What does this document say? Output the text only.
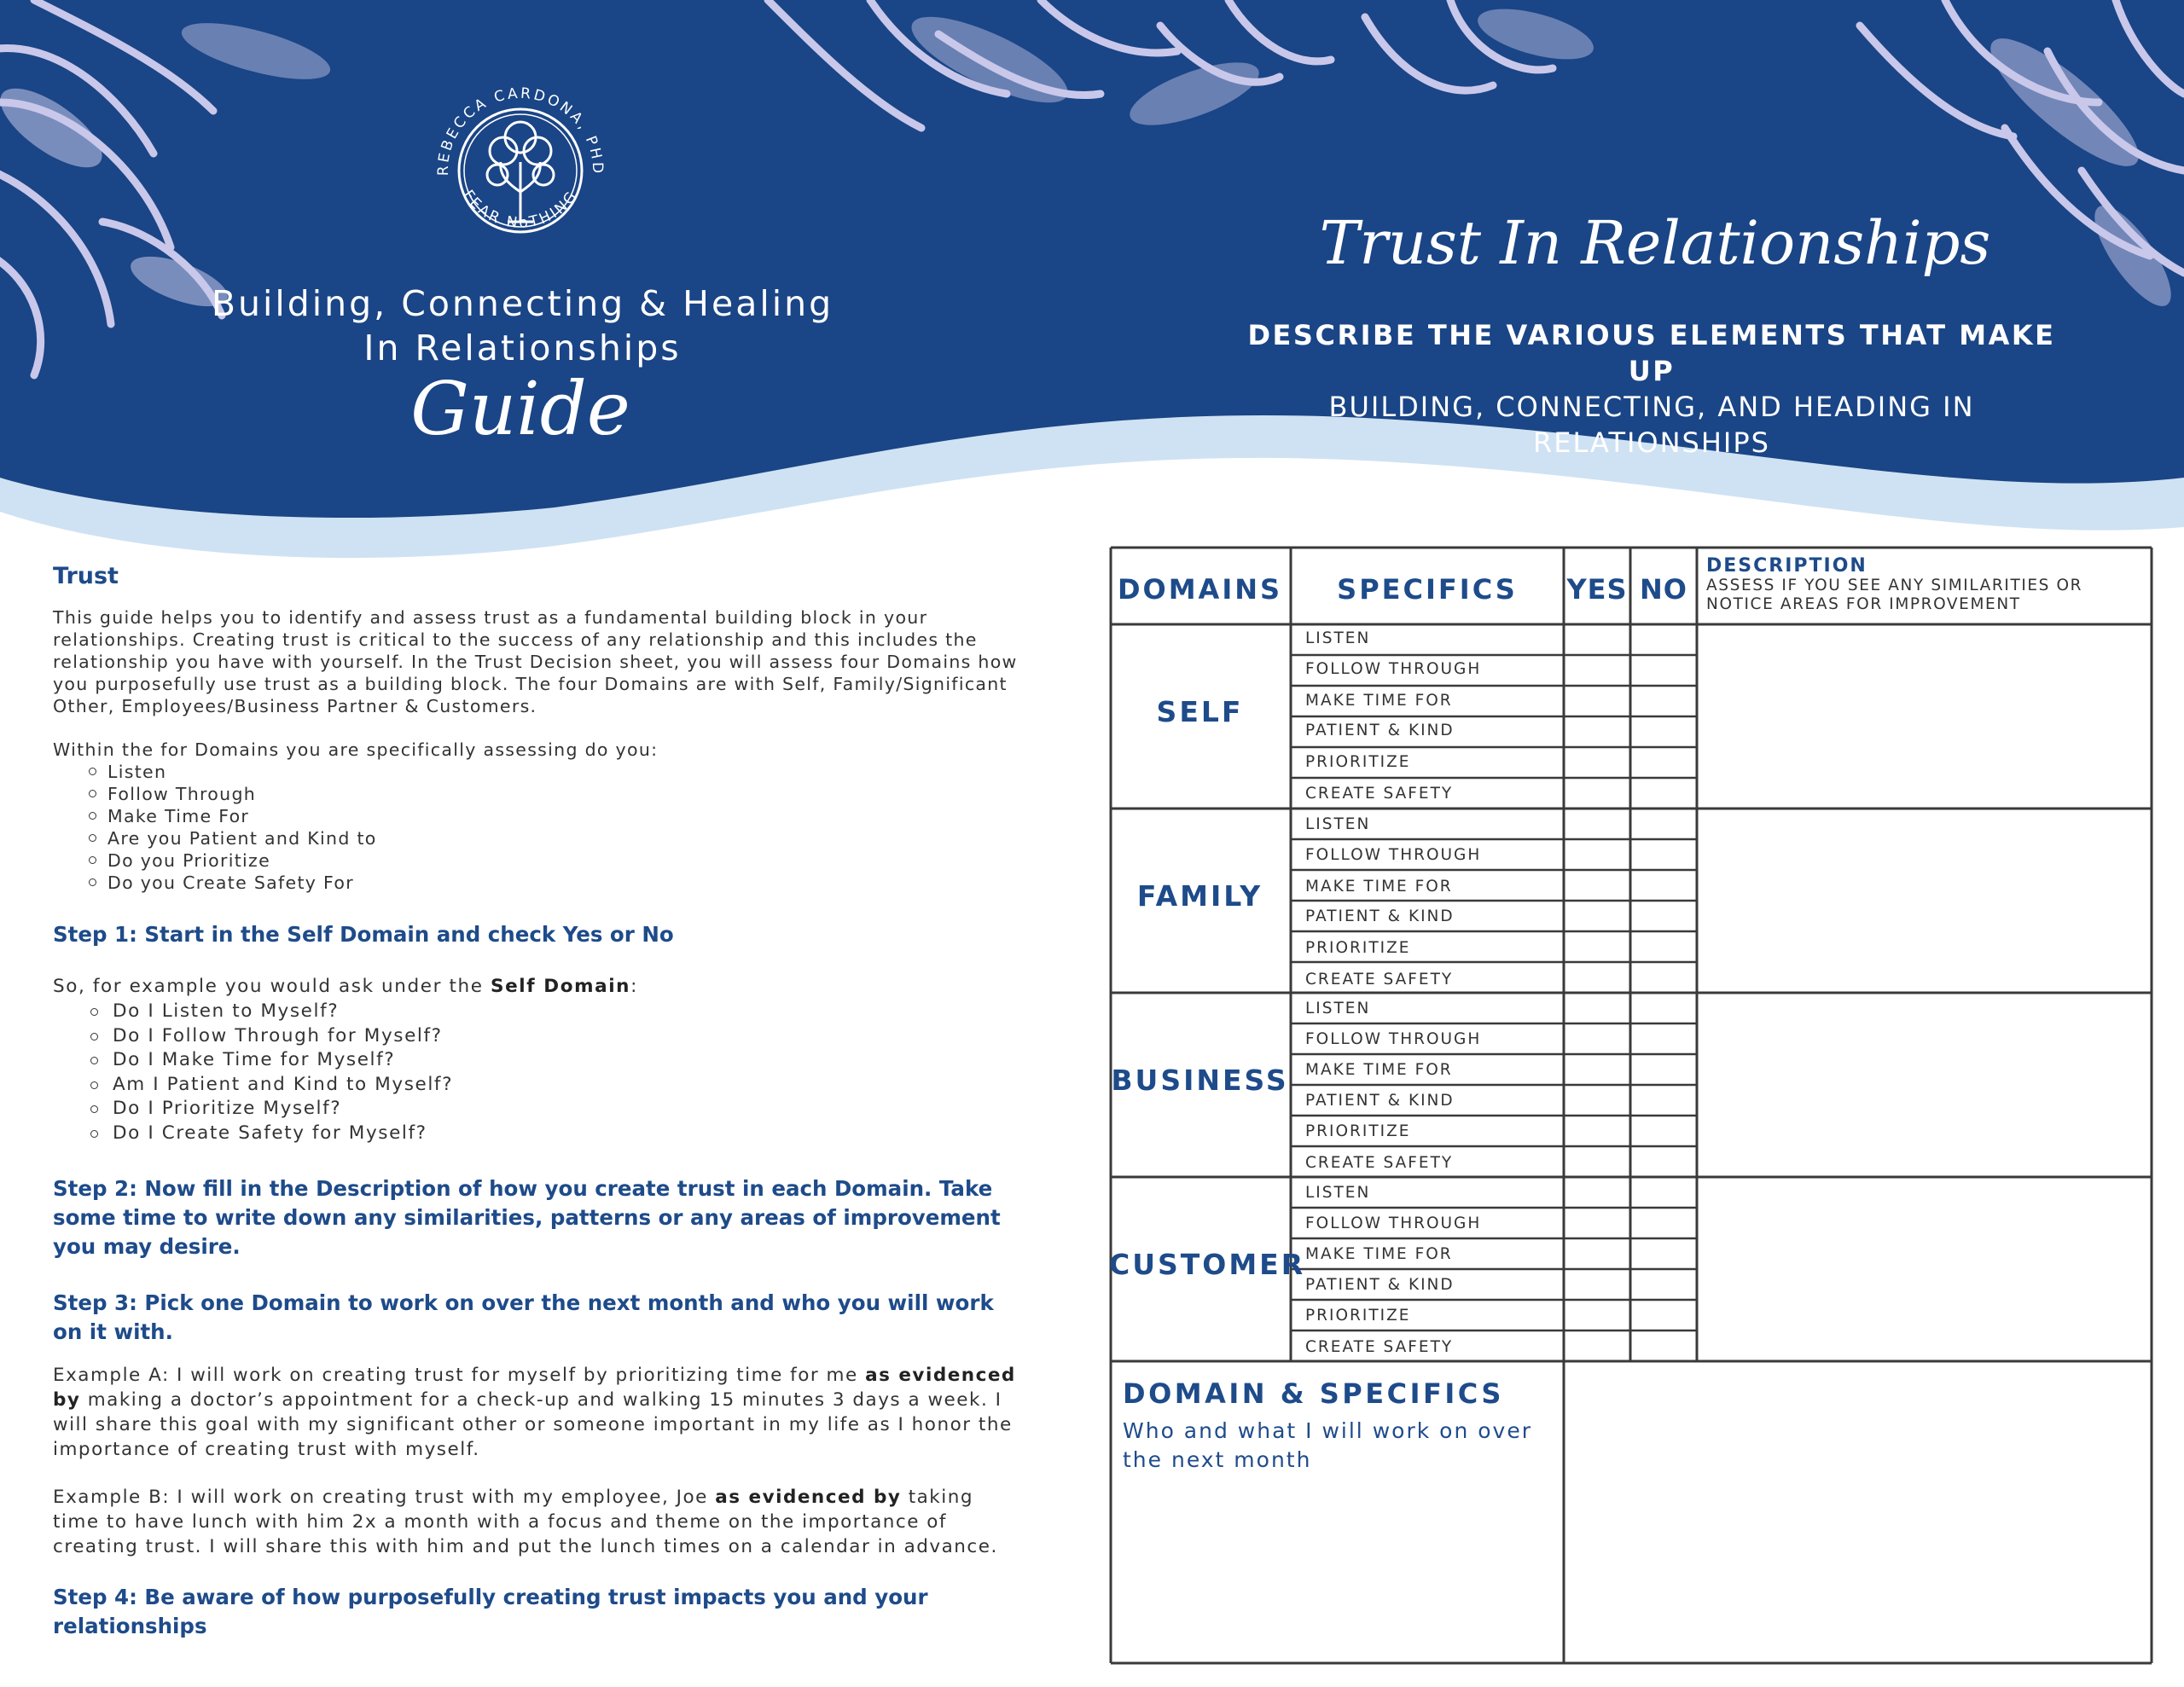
REBECCA CARDONA, PHD
FEAR NoTHING
Building, Connecting & Healing
In Relationships
Guide
Trust In Relationships
DESCRIBE THE VARIOUS ELEMENTS THAT MAKE UP
BUILDING, CONNECTING, AND HEADING IN
RELATIONSHIPS
Trust

This guide helps you to identify and assess trust as a fundamental building block in your relationships. Creating trust is critical to the success of any relationship and this includes the relationship you have with yourself. In the Trust Decision sheet, you will assess four Domains how you purposefully use trust as a building block. The four Domains are with Self, Family/Significant Other, Employees/Business Partner & Customers.

Within the for Domains you are specifically assessing do you:

Listen
Follow Through
Make Time For
Are you Patient and Kind to
Do you Prioritize
Do you Create Safety For
Step 1: Start in the Self Domain and check Yes or No

So, for example you would ask under the Self Domain:

Do I Listen to Myself?
Do I Follow Through for Myself?
Do I Make Time for Myself?
Am I Patient and Kind to Myself?
Do I Prioritize Myself?
Do I Create Safety for Myself?
Step 2: Now fill in the Description of how you create trust in each Domain. Take some time to write down any similarities, patterns or any areas of improvement you may desire.
Step 3: Pick one Domain to work on over the next month and who you will work on it with.

Example A: I will work on creating trust for myself by prioritizing time for me as evidenced by making a doctor’s appointment for a check-up and walking 15 minutes 3 days a week. I will share this goal with my significant other or someone important in my life as I honor the importance of creating trust with myself.

Example B: I will work on creating trust with my employee, Joe as evidenced by taking time to have lunch with him 2x a month with a focus and theme on the importance of creating trust. I will share this with him and put the lunch times on a calendar in advance.

Step 4: Be aware of how purposefully creating trust impacts you and your relationships
DOMAINS	SPECIFICS	YES NO
DESCRIPTION
ASSESS IF YOU SEE ANY SIMILARITIES OR NOTICE AREAS FOR IMPROVEMENT
SELF
FAMILY
BUSINESS
CUSTOMER
LISTEN
FOLLOW THROUGH
MAKE TIME FOR
PATIENT & KIND
PRIORITIZE
CREATE SAFETY
LISTEN
FOLLOW THROUGH
MAKE TIME FOR
PATIENT & KIND
PRIORITIZE
CREATE SAFETY
LISTEN
FOLLOW THROUGH
MAKE TIME FOR
PATIENT & KIND
PRIORITIZE
CREATE SAFETY
LISTEN
FOLLOW THROUGH
MAKE TIME FOR
PATIENT & KIND
PRIORITIZE
CREATE SAFETY
DOMAIN & SPECIFICS
Who and what I will work on over the next month
